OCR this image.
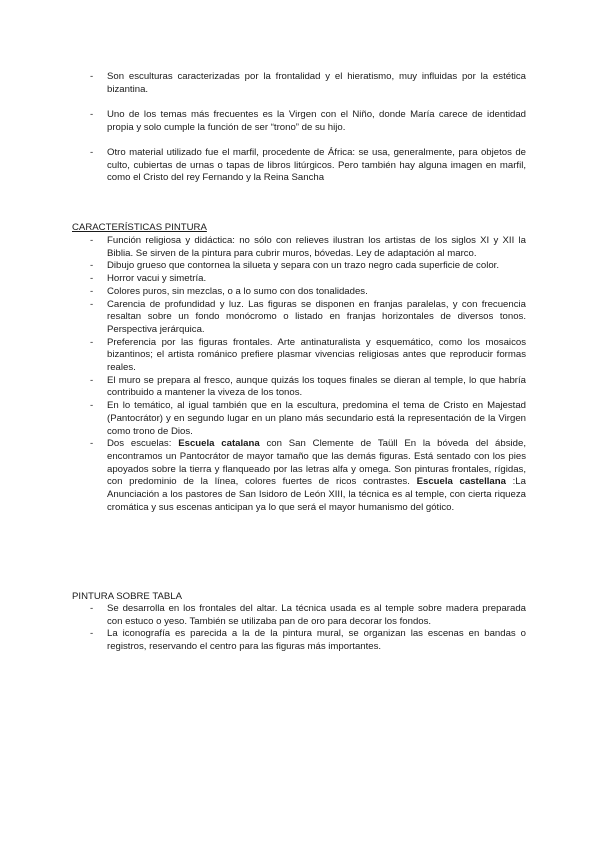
- Son esculturas caracterizadas por la frontalidad y el hieratismo, muy influidas por la estética bizantina.
- Uno de los temas más frecuentes es la Virgen con el Niño, donde María carece de identidad propia y solo cumple la función de ser “trono” de su hijo.
- Otro material utilizado fue el marfil, procedente de África: se usa, generalmente, para objetos de culto, cubiertas de urnas o tapas de libros litúrgicos. Pero también hay alguna imagen en marfil, como el Cristo del rey Fernando y la Reina Sancha

CARACTERÍSTICAS PINTURA

- Función religiosa y didáctica: no sólo con relieves ilustran los artistas de los siglos XI y XII la Biblia. Se sirven de la pintura para cubrir muros, bóvedas. Ley de adaptación al marco.
- Dibujo grueso que contornea la silueta y separa con un trazo negro cada superficie de color.
- Horror vacui y simetría.
- Colores puros, sin mezclas, o a lo sumo con dos tonalidades.
- Carencia de profundidad y luz. Las figuras se disponen en franjas paralelas, y con frecuencia resaltan sobre un fondo monócromo o listado en franjas horizontales de diversos tonos. Perspectiva jerárquica.
- Preferencia por las figuras frontales. Arte antinaturalista y esquemático, como los mosaicos bizantinos; el artista románico prefiere plasmar vivencias religiosas antes que reproducir formas reales.
- El muro se prepara al fresco, aunque quizás los toques finales se dieran al temple, lo que habría contribuido a mantener la viveza de los tonos.
- En lo temático, al igual también que en la escultura, predomina el tema de Cristo en Majestad (Pantocrátor) y en segundo lugar en un plano más secundario está la representación de la Virgen como trono de Dios.
- Dos escuelas: Escuela catalana con San Clemente de Taüll En la bóveda del ábside, encontramos un Pantocrátor de mayor tamaño que las demás figuras. Está sentado con los pies apoyados sobre la tierra y flanqueado por las letras alfa y omega. Son pinturas frontales, rígidas, con predominio de la línea, colores fuertes de ricos contrastes. Escuela castellana :La Anunciación a los pastores de San Isidoro de León XIII, la técnica es al temple, con cierta riqueza cromática y sus escenas anticipan ya lo que será el mayor humanismo del gótico.

PINTURA SOBRE TABLA

- Se desarrolla en los frontales del altar. La técnica usada es al temple sobre madera preparada con estuco o yeso. También se utilizaba pan de oro para decorar los fondos.
- La iconografía es parecida a la de la pintura mural, se organizan las escenas en bandas o registros, reservando el centro para las figuras más importantes.
